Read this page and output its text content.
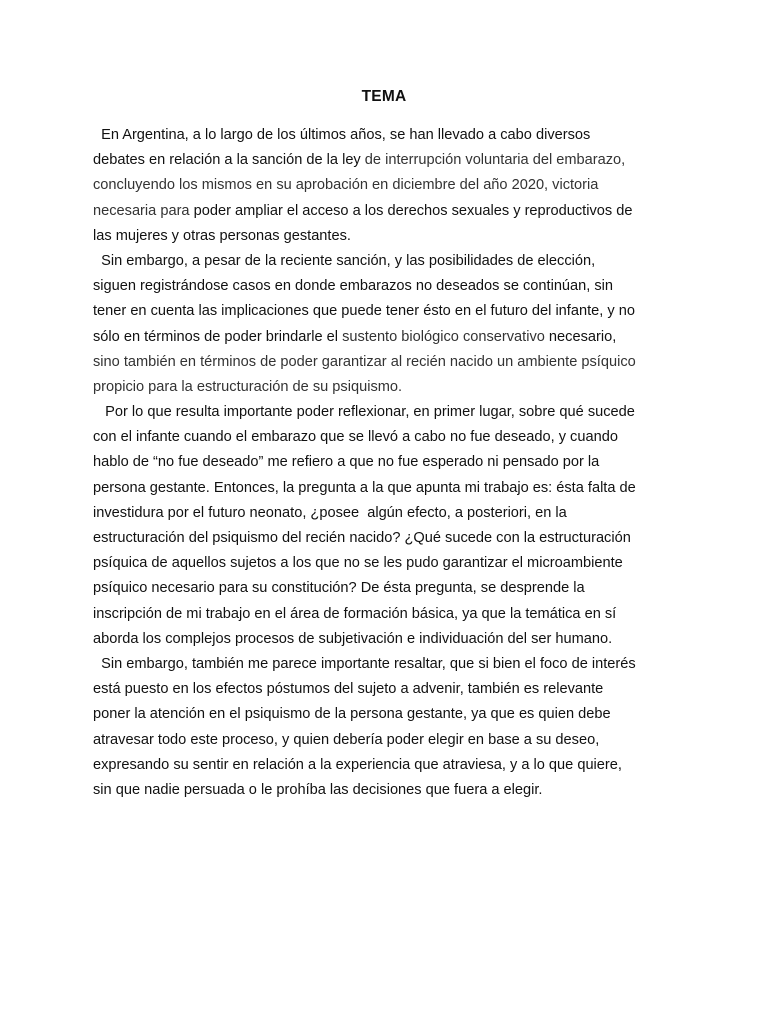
TEMA
En Argentina, a lo largo de los últimos años, se han llevado a cabo diversos
debates en relación a la sanción de la ley de interrupción voluntaria del embarazo,
concluyendo los mismos en su aprobación en diciembre del año 2020, victoria
necesaria para poder ampliar el acceso a los derechos sexuales y reproductivos de
las mujeres y otras personas gestantes.
Sin embargo, a pesar de la reciente sanción, y las posibilidades de elección,
siguen registrándose casos en donde embarazos no deseados se continúan, sin
tener en cuenta las implicaciones que puede tener ésto en el futuro del infante, y no
sólo en términos de poder brindarle el sustento biológico conservativo necesario,
sino también en términos de poder garantizar al recién nacido un ambiente psíquico
propicio para la estructuración de su psiquismo.
Por lo que resulta importante poder reflexionar, en primer lugar, sobre qué sucede
con el infante cuando el embarazo que se llevó a cabo no fue deseado, y cuando
hablo de “no fue deseado” me refiero a que no fue esperado ni pensado por la
persona gestante. Entonces, la pregunta a la que apunta mi trabajo es: ésta falta de
investidura por el futuro neonato, ¿posee  algún efecto, a posteriori, en la
estructuración del psiquismo del recién nacido? ¿Qué sucede con la estructuración
psíquica de aquellos sujetos a los que no se les pudo garantizar el microambiente
psíquico necesario para su constitución? De ésta pregunta, se desprende la
inscripción de mi trabajo en el área de formación básica, ya que la temática en sí
aborda los complejos procesos de subjetivación e individuación del ser humano.
Sin embargo, también me parece importante resaltar, que si bien el foco de interés
está puesto en los efectos póstumos del sujeto a advenir, también es relevante
poner la atención en el psiquismo de la persona gestante, ya que es quien debe
atravesar todo este proceso, y quien debería poder elegir en base a su deseo,
expresando su sentir en relación a la experiencia que atraviesa, y a lo que quiere,
sin que nadie persuada o le prohíba las decisiones que fuera a elegir.
